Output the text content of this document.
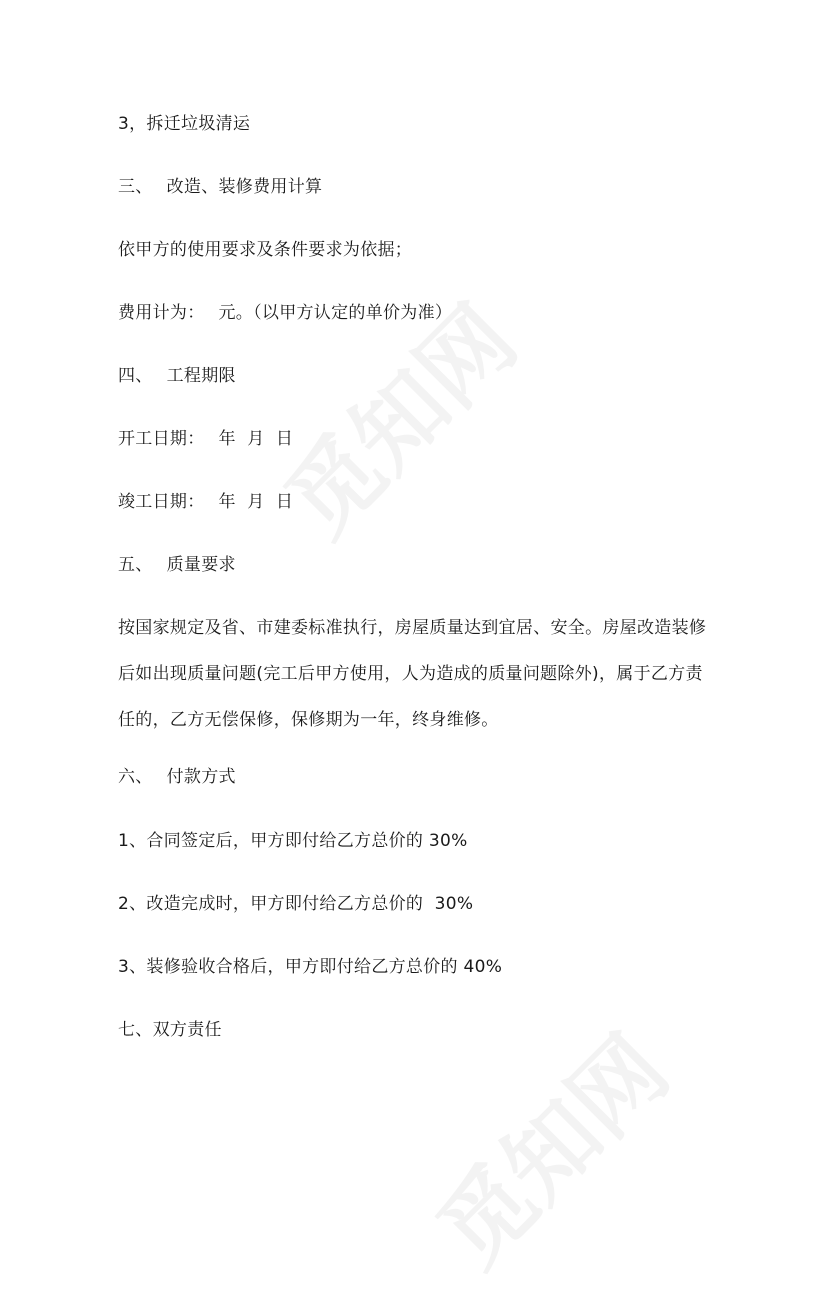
3，拆迁垃圾清运
三、 改造、装修费用计算
依甲方的使用要求及条件要求为依据；
费用计为： 元。（以甲方认定的单价为准）
四、 工程期限
开工日期： 年  月  日
竣工日期： 年  月  日
五、 质量要求
按国家规定及省、市建委标准执行，房屋质量达到宜居、安全。房屋改造装修
后如出现质量问题(完工后甲方使用，人为造成的质量问题除外)，属于乙方责
任的，乙方无偿保修，保修期为一年，终身维修。
六、 付款方式
1、合同签定后，甲方即付给乙方总价的 30%
2、改造完成时，甲方即付给乙方总价的  30%
3、装修验收合格后，甲方即付给乙方总价的 40%
七、双方责任
